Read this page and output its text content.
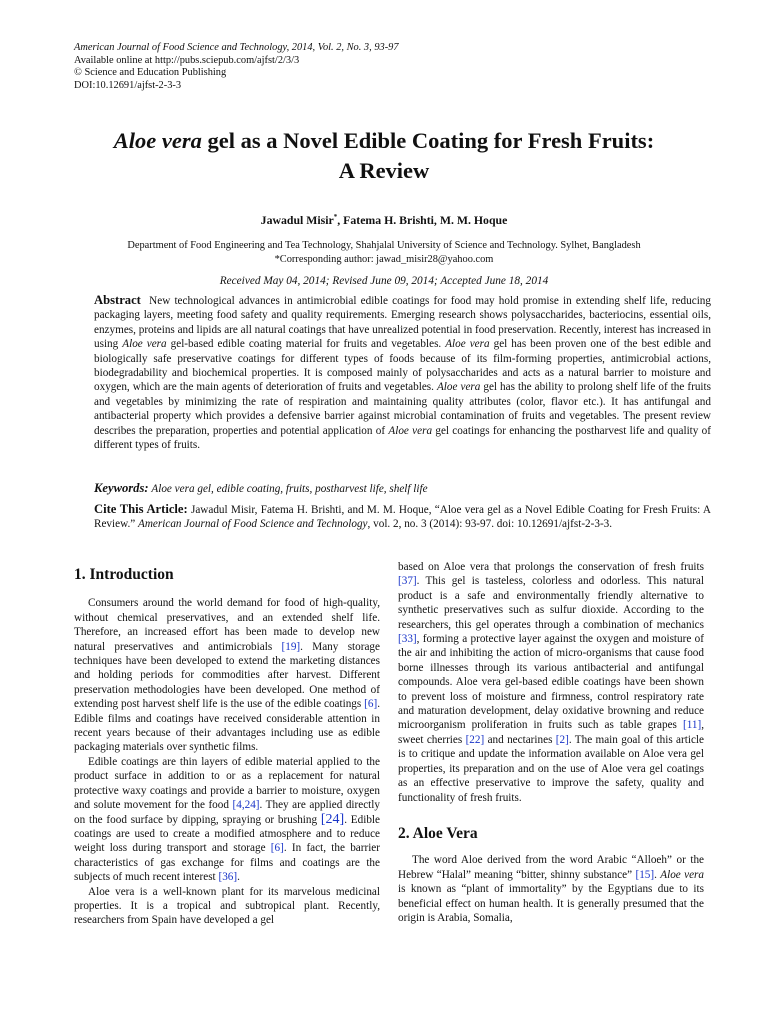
American Journal of Food Science and Technology, 2014, Vol. 2, No. 3, 93-97
Available online at http://pubs.sciepub.com/ajfst/2/3/3
© Science and Education Publishing
DOI:10.12691/ajfst-2-3-3
Aloe vera gel as a Novel Edible Coating for Fresh Fruits:
A Review
Jawadul Misir*, Fatema H. Brishti, M. M. Hoque
Department of Food Engineering and Tea Technology, Shahjalal University of Science and Technology. Sylhet, Bangladesh
*Corresponding author: jawad_misir28@yahoo.com
Received May 04, 2014; Revised June 09, 2014; Accepted June 18, 2014
Abstract New technological advances in antimicrobial edible coatings for food may hold promise in extending shelf life, reducing packaging layers, meeting food safety and quality requirements. Emerging research shows polysaccharides, bacteriocins, essential oils, enzymes, proteins and lipids are all natural coatings that have unrealized potential in food preservation. Recently, interest has increased in using Aloe vera gel-based edible coating material for fruits and vegetables. Aloe vera gel has been proven one of the best edible and biologically safe preservative coatings for different types of foods because of its film-forming properties, antimicrobial actions, biodegradability and biochemical properties. It is composed mainly of polysaccharides and acts as a natural barrier to moisture and oxygen, which are the main agents of deterioration of fruits and vegetables. Aloe vera gel has the ability to prolong shelf life of the fruits and vegetables by minimizing the rate of respiration and maintaining quality attributes (color, flavor etc.). It has antifungal and antibacterial property which provides a defensive barrier against microbial contamination of fruits and vegetables. The present review describes the preparation, properties and potential application of Aloe vera gel coatings for enhancing the postharvest life and quality of different types of fruits.
Keywords: Aloe vera gel, edible coating, fruits, postharvest life, shelf life
Cite This Article: Jawadul Misir, Fatema H. Brishti, and M. M. Hoque, “Aloe vera gel as a Novel Edible Coating for Fresh Fruits: A Review.” American Journal of Food Science and Technology, vol. 2, no. 3 (2014): 93-97. doi: 10.12691/ajfst-2-3-3.
1. Introduction

Consumers around the world demand for food of high-quality, without chemical preservatives, and an extended shelf life. Therefore, an increased effort has been made to develop new natural preservatives and antimicrobials [19]. Many storage techniques have been developed to extend the marketing distances and holding periods for commodities after harvest. Different preservation methodologies have been developed. One method of extending post harvest shelf life is the use of the edible coatings [6]. Edible films and coatings have received considerable attention in recent years because of their advantages including use as edible packaging materials over synthetic films.

Edible coatings are thin layers of edible material applied to the product surface in addition to or as a replacement for natural protective waxy coatings and provide a barrier to moisture, oxygen and solute movement for the food [4,24]. They are applied directly on the food surface by dipping, spraying or brushing [24]. Edible coatings are used to create a modified atmosphere and to reduce weight loss during transport and storage [6]. In fact, the barrier characteristics of gas exchange for films and coatings are the subjects of much recent interest [36].

Aloe vera is a well-known plant for its marvelous medicinal properties. It is a tropical and subtropical plant. Recently, researchers from Spain have developed a gel

based on Aloe vera that prolongs the conservation of fresh fruits [37]. This gel is tasteless, colorless and odorless. This natural product is a safe and environmentally friendly alternative to synthetic preservatives such as sulfur dioxide. According to the researchers, this gel operates through a combination of mechanics [33], forming a protective layer against the oxygen and moisture of the air and inhibiting the action of micro-organisms that cause food borne illnesses through its various antibacterial and antifungal compounds. Aloe vera gel-based edible coatings have been shown to prevent loss of moisture and firmness, control respiratory rate and maturation development, delay oxidative browning and reduce microorganism proliferation in fruits such as table grapes [11], sweet cherries [22] and nectarines [2]. The main goal of this article is to critique and update the information available on Aloe vera gel properties, its preparation and on the use of Aloe vera gel coatings as an effective preservative to improve the safety, quality and functionality of fresh fruits.

2. Aloe Vera

The word Aloe derived from the word Arabic “Alloeh” or the Hebrew “Halal” meaning “bitter, shinny substance” [15]. Aloe vera is known as “plant of immortality” by the Egyptians due to its beneficial effect on human health. It is generally presumed that the origin is Arabia, Somalia,
